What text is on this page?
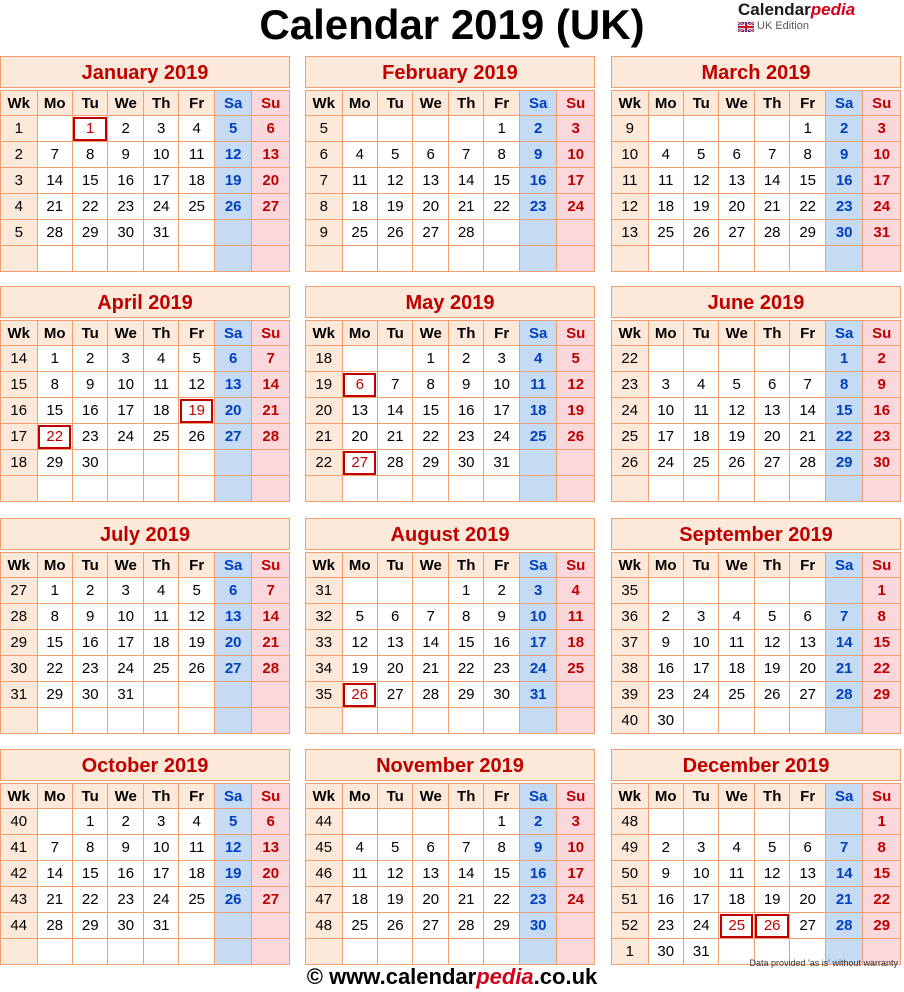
Calendar 2019 (UK)	Calendarpedia
UK Edition
January 2019
Wk	Mo	Tu	We	Th	Fr	Sa	Su
1		1	2	3	4	5	6
2	7	8	9	10	11	12	13
3	14	15	16	17	18	19	20
4	21	22	23	24	25	26	27
5	28	29	30	31			

February 2019
Wk	Mo	Tu	We	Th	Fr	Sa	Su
5					1	2	3
6	4	5	6	7	8	9	10
7	11	12	13	14	15	16	17
8	18	19	20	21	22	23	24
9	25	26	27	28			

March 2019
Wk	Mo	Tu	We	Th	Fr	Sa	Su
9					1	2	3
10	4	5	6	7	8	9	10
11	11	12	13	14	15	16	17
12	18	19	20	21	22	23	24
13	25	26	27	28	29	30	31

April 2019
Wk	Mo	Tu	We	Th	Fr	Sa	Su
14	1	2	3	4	5	6	7
15	8	9	10	11	12	13	14
16	15	16	17	18	19	20	21
17	22	23	24	25	26	27	28
18	29	30					

May 2019
Wk	Mo	Tu	We	Th	Fr	Sa	Su
18			1	2	3	4	5
19	6	7	8	9	10	11	12
20	13	14	15	16	17	18	19
21	20	21	22	23	24	25	26
22	27	28	29	30	31		

June 2019
Wk	Mo	Tu	We	Th	Fr	Sa	Su
22						1	2
23	3	4	5	6	7	8	9
24	10	11	12	13	14	15	16
25	17	18	19	20	21	22	23
26	24	25	26	27	28	29	30

July 2019
Wk	Mo	Tu	We	Th	Fr	Sa	Su
27	1	2	3	4	5	6	7
28	8	9	10	11	12	13	14
29	15	16	17	18	19	20	21
30	22	23	24	25	26	27	28
31	29	30	31				

August 2019
Wk	Mo	Tu	We	Th	Fr	Sa	Su
31				1	2	3	4
32	5	6	7	8	9	10	11
33	12	13	14	15	16	17	18
34	19	20	21	22	23	24	25
35	26	27	28	29	30	31	

September 2019
Wk	Mo	Tu	We	Th	Fr	Sa	Su
35							1
36	2	3	4	5	6	7	8
37	9	10	11	12	13	14	15
38	16	17	18	19	20	21	22
39	23	24	25	26	27	28	29
40	30						
October 2019
Wk	Mo	Tu	We	Th	Fr	Sa	Su
40		1	2	3	4	5	6
41	7	8	9	10	11	12	13
42	14	15	16	17	18	19	20
43	21	22	23	24	25	26	27
44	28	29	30	31			

November 2019
Wk	Mo	Tu	We	Th	Fr	Sa	Su
44					1	2	3
45	4	5	6	7	8	9	10
46	11	12	13	14	15	16	17
47	18	19	20	21	22	23	24
48	25	26	27	28	29	30	

December 2019
Wk	Mo	Tu	We	Th	Fr	Sa	Su
48							1
49	2	3	4	5	6	7	8
50	9	10	11	12	13	14	15
51	16	17	18	19	20	21	22
52	23	24	25	26	27	28	29
1	30	31					
© www.calendarpedia.co.uk
Data provided 'as is' without warranty
